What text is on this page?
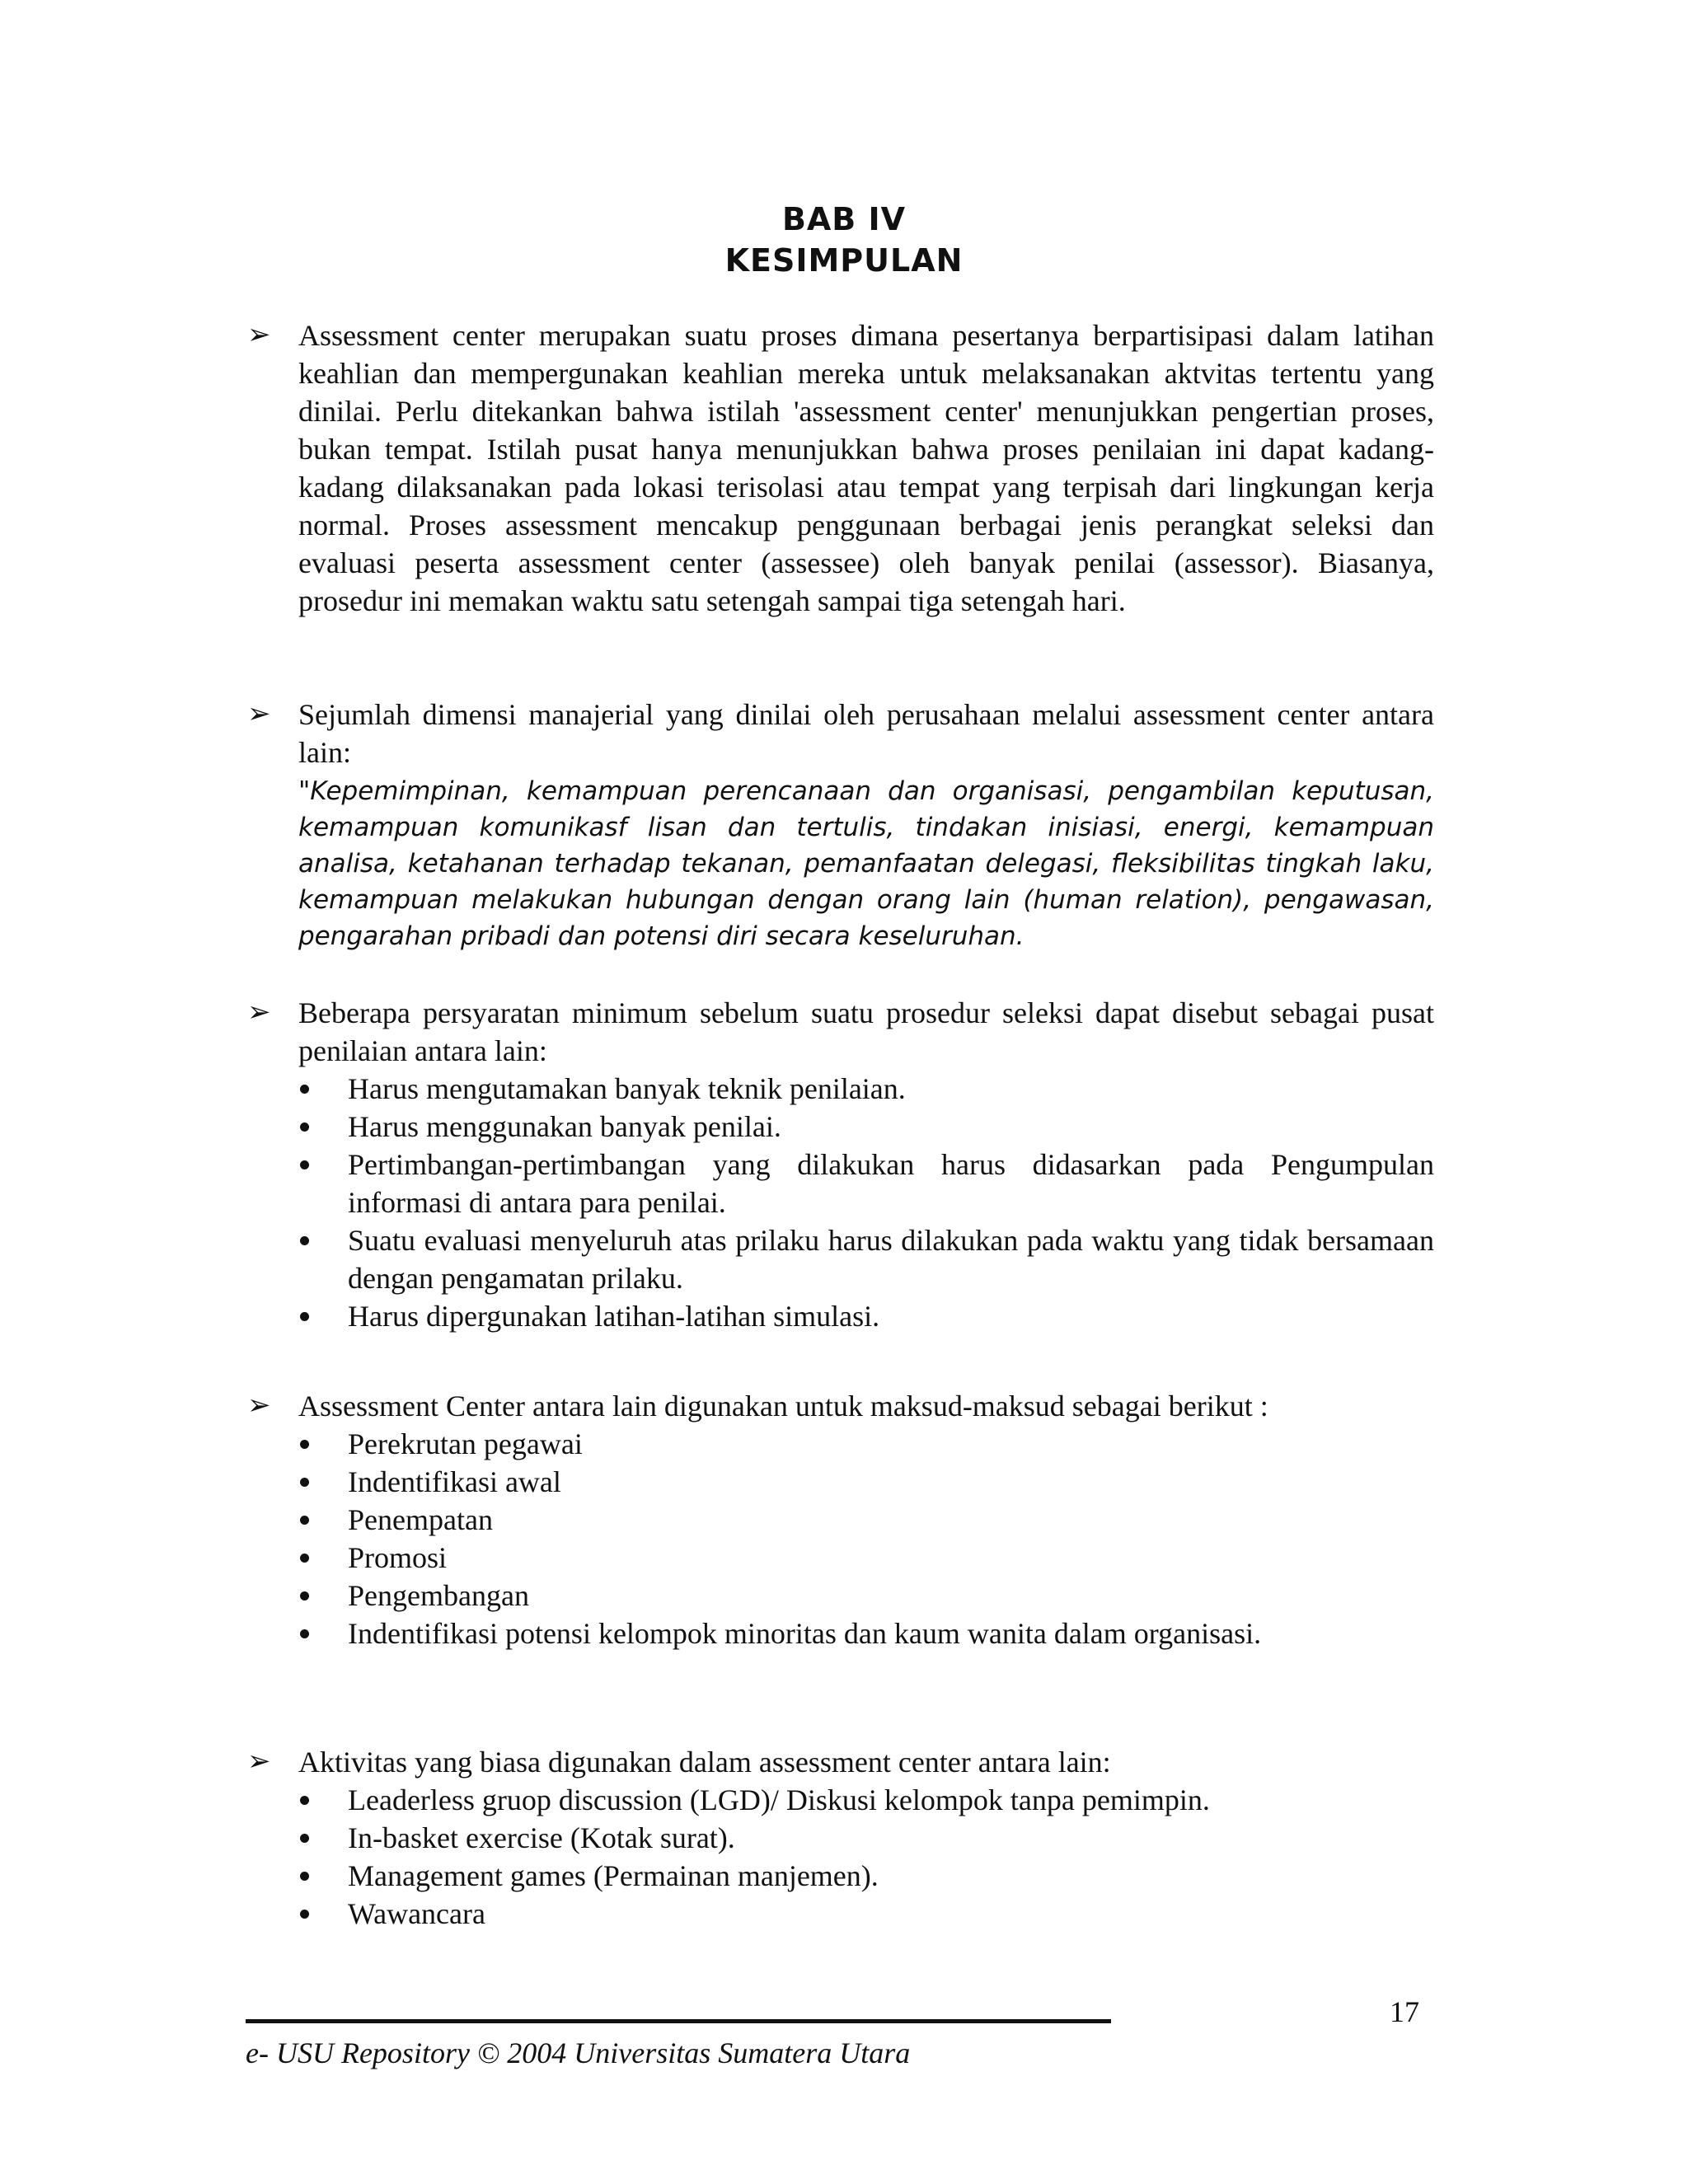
BAB IV
KESIMPULAN
➢ Assessment center merupakan suatu proses dimana pesertanya berpartisipasi dalam latihan keahlian dan mempergunakan keahlian mereka untuk melaksanakan aktvitas tertentu yang dinilai. Perlu ditekankan bahwa istilah 'assessment center' menunjukkan pengertian proses, bukan tempat. Istilah pusat hanya menunjukkan bahwa proses penilaian ini dapat kadang-kadang dilaksanakan pada lokasi terisolasi atau tempat yang terpisah dari lingkungan kerja normal. Proses assessment mencakup penggunaan berbagai jenis perangkat seleksi dan evaluasi peserta assessment center (assessee) oleh banyak penilai (assessor). Biasanya, prosedur ini memakan waktu satu setengah sampai tiga setengah hari.
➢ Sejumlah dimensi manajerial yang dinilai oleh perusahaan melalui assessment center antara lain:
"Kepemimpinan, kemampuan perencanaan dan organisasi, pengambilan keputusan, kemampuan komunikasf lisan dan tertulis, tindakan inisiasi, energi, kemampuan analisa, ketahanan terhadap tekanan, pemanfaatan delegasi, fleksibilitas tingkah laku, kemampuan melakukan hubungan dengan orang lain (human relation), pengawasan, pengarahan pribadi dan potensi diri secara keseluruhan.
➢ Beberapa persyaratan minimum sebelum suatu prosedur seleksi dapat disebut sebagai pusat penilaian antara lain:
Harus mengutamakan banyak teknik penilaian.
Harus menggunakan banyak penilai.
Pertimbangan-pertimbangan yang dilakukan harus didasarkan pada Pengumpulan informasi di antara para penilai.
Suatu evaluasi menyeluruh atas prilaku harus dilakukan pada waktu yang tidak bersamaan dengan pengamatan prilaku.
Harus dipergunakan latihan-latihan simulasi.
➢ Assessment Center antara lain digunakan untuk maksud-maksud sebagai berikut :
Perekrutan pegawai
Indentifikasi awal
Penempatan
Promosi
Pengembangan
Indentifikasi potensi kelompok minoritas dan kaum wanita dalam organisasi.
➢ Aktivitas yang biasa digunakan dalam assessment center antara lain:
Leaderless gruop discussion (LGD)/ Diskusi kelompok tanpa pemimpin.
In-basket exercise (Kotak surat).
Management games (Permainan manjemen).
Wawancara
17
e- USU Repository © 2004 Universitas Sumatera Utara
